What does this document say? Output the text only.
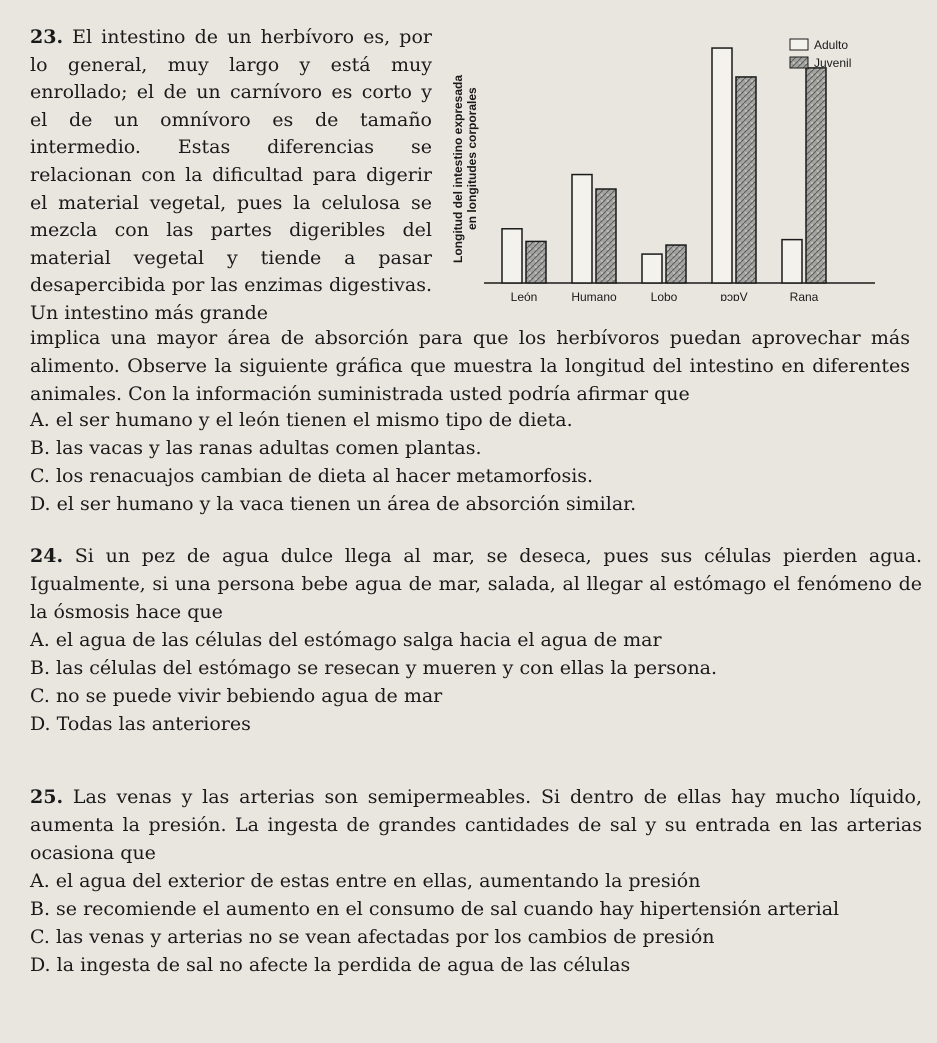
23. El intestino de un herbívoro es, por lo general, muy largo y está muy enrollado; el de un carnívoro es corto y el de un omnívoro es de tamaño intermedio. Estas diferencias se relacionan con la dificultad para digerir el material vegetal, pues la celulosa se mezcla con las partes digeribles del material vegetal y tiende a pasar desapercibida por las enzimas digestivas. Un intestino más grande
Longitud del intestino expresada en longitudes corporales
León	Humano	Lobo	ɒɔɒV	Rana
Adulto
Juvenil
implica una mayor área de absorción para que los herbívoros puedan aprovechar más alimento. Observe la siguiente gráfica que muestra la longitud del intestino en diferentes animales. Con la información suministrada usted podría afirmar que

A. el ser humano y el león tienen el mismo tipo de dieta.

B. las vacas y las ranas adultas comen plantas.

C. los renacuajos cambian de dieta al hacer metamorfosis.

D. el ser humano y la vaca tienen un área de absorción similar.

24. Si un pez de agua dulce llega al mar, se deseca, pues sus células pierden agua. Igualmente, si una persona bebe agua de mar, salada, al llegar al estómago el fenómeno de la ósmosis hace que

A. el agua de las células del estómago salga hacia el agua de mar

B. las células del estómago se resecan y mueren y con ellas la persona.

C. no se puede vivir bebiendo agua de mar

D. Todas las anteriores

25. Las venas y las arterias son semipermeables. Si dentro de ellas hay mucho líquido, aumenta la presión. La ingesta de grandes cantidades de sal y su entrada en las arterias ocasiona que

A. el agua del exterior de estas entre en ellas, aumentando la presión

B. se recomiende el aumento en el consumo de sal cuando hay hipertensión arterial

C. las venas y arterias no se vean afectadas por los cambios de presión

D. la ingesta de sal no afecte la perdida de agua de las células
